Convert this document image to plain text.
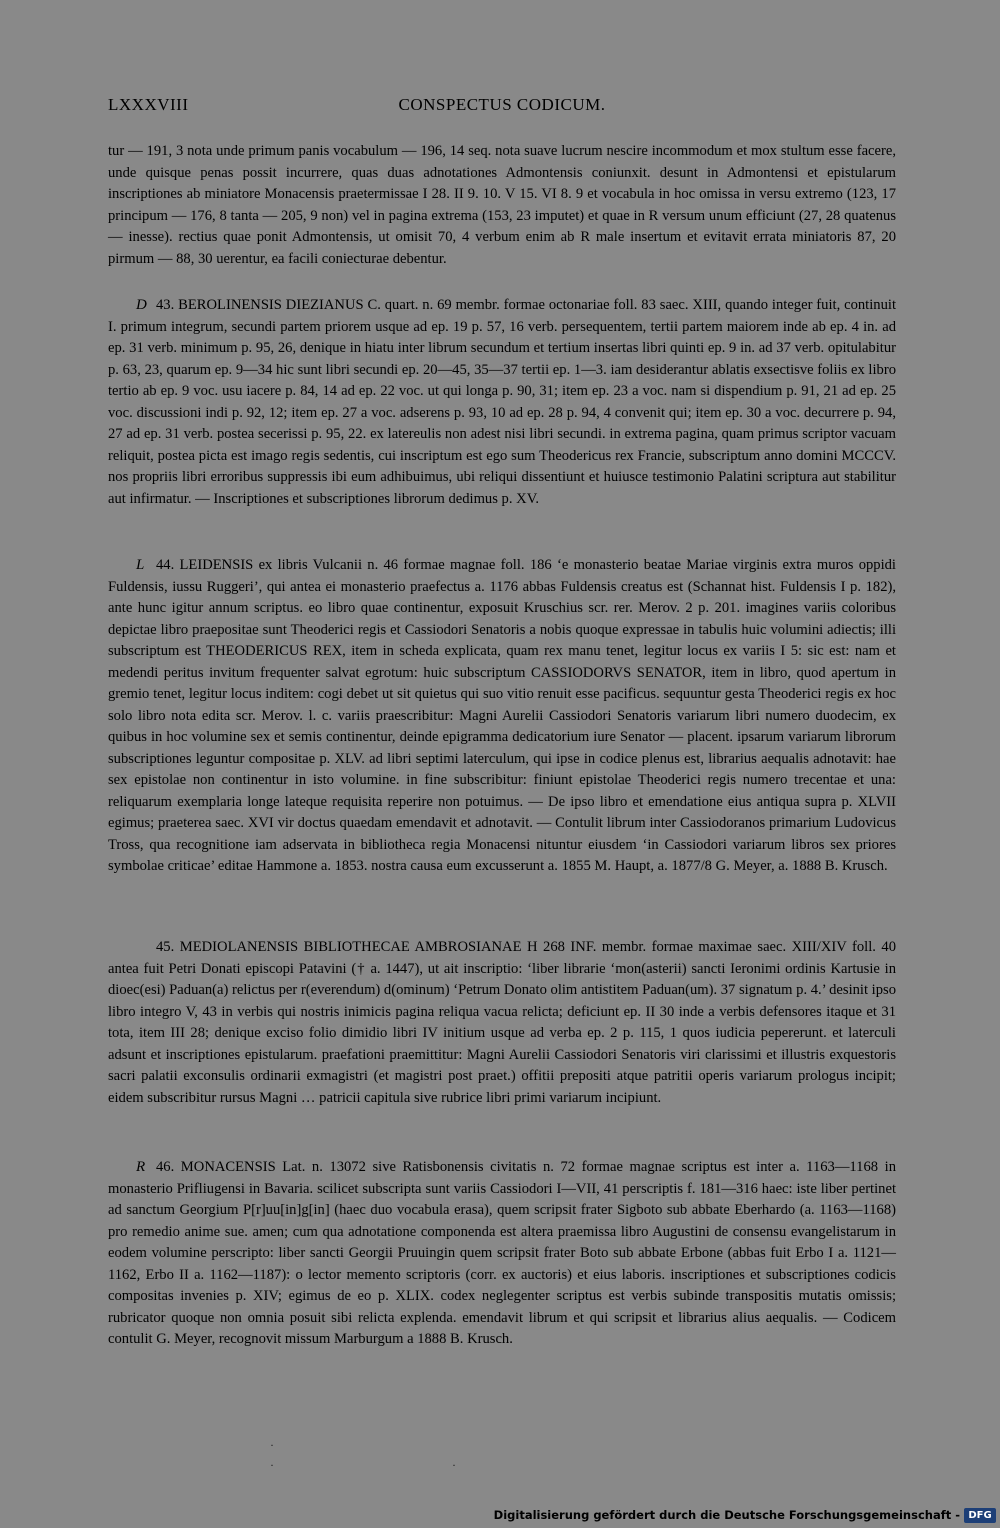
LXXXVIII	CONSPECTUS CODICUM.

tur — 191, 3 nota unde primum panis vocabulum — 196, 14 seq. nota suave lucrum nescire incommodum et mox stultum esse facere, unde quisque penas possit incurrere, quas duas adnotationes Admontensis coniunxit. desunt in Admontensi et epistularum inscriptiones ab miniatore Monacensis praetermissae I 28. II 9. 10. V 15. VI 8. 9 et vocabula in hoc omissa in versu extremo (123, 17 principum — 176, 8 tanta — 205, 9 non) vel in pagina extrema (153, 23 imputet) et quae in R versum unum efficiunt (27, 28 quatenus — inesse). rectius quae ponit Admontensis, ut omisit 70, 4 verbum enim ab R male insertum et evitavit errata miniatoris 87, 20 pirmum — 88, 30 uerentur, ea facili coniecturae debentur.

D 43. BEROLINENSIS DIEZIANUS C. quart. n. 69 membr. formae octonariae foll. 83 saec. XIII, quando integer fuit, continuit I. primum integrum, secundi partem priorem usque ad ep. 19 p. 57, 16 verb. persequentem, tertii partem maiorem inde ab ep. 4 in. ad ep. 31 verb. minimum p. 95, 26, denique in hiatu inter librum secundum et tertium insertas libri quinti ep. 9 in. ad 37 verb. opitulabitur p. 63, 23, quarum ep. 9—34 hic sunt libri secundi ep. 20—45, 35—37 tertii ep. 1—3. iam desiderantur ablatis exsectisve foliis ex libro tertio ab ep. 9 voc. usu iacere p. 84, 14 ad ep. 22 voc. ut qui longa p. 90, 31; item ep. 23 a voc. nam si dispendium p. 91, 21 ad ep. 25 voc. discussioni indi p. 92, 12; item ep. 27 a voc. adserens p. 93, 10 ad ep. 28 p. 94, 4 convenit qui; item ep. 30 a voc. decurrere p. 94, 27 ad ep. 31 verb. postea secerissi p. 95, 22. ex latereulis non adest nisi libri secundi. in extrema pagina, quam primus scriptor vacuam reliquit, postea picta est imago regis sedentis, cui inscriptum est ego sum Theodericus rex Francie, subscriptum anno domini MCCCV. nos propriis libri erroribus suppressis ibi eum adhibuimus, ubi reliqui dissentiunt et huiusce testimonio Palatini scriptura aut stabilitur aut infirmatur. — Inscriptiones et subscriptiones librorum dedimus p. XV.

L 44. LEIDENSIS ex libris Vulcanii n. 46 formae magnae foll. 186 ‘e monasterio beatae Mariae virginis extra muros oppidi Fuldensis, iussu Ruggeri’, qui antea ei monasterio praefectus a. 1176 abbas Fuldensis creatus est (Schannat hist. Fuldensis I p. 182), ante hunc igitur annum scriptus. eo libro quae continentur, exposuit Kruschius scr. rer. Merov. 2 p. 201. imagines variis coloribus depictae libro praepositae sunt Theoderici regis et Cassiodori Senatoris a nobis quoque expressae in tabulis huic volumini adiectis; illi subscriptum est THEODERICUS REX, item in scheda explicata, quam rex manu tenet, legitur locus ex variis I 5: sic est: nam et medendi peritus invitum frequenter salvat egrotum: huic subscriptum CASSIODORVS SENATOR, item in libro, quod apertum in gremio tenet, legitur locus inditem: cogi debet ut sit quietus qui suo vitio renuit esse pacificus. sequuntur gesta Theoderici regis ex hoc solo libro nota edita scr. Merov. l. c. variis praescribitur: Magni Aurelii Cassiodori Senatoris variarum libri numero duodecim, ex quibus in hoc volumine sex et semis continentur, deinde epigramma dedicatorium iure Senator — placent. ipsarum variarum librorum subscriptiones leguntur compositae p. XLV. ad libri septimi laterculum, qui ipse in codice plenus est, librarius aequalis adnotavit: hae sex epistolae non continentur in isto volumine. in fine subscribitur: finiunt epistolae Theoderici regis numero trecentae et una: reliquarum exemplaria longe lateque requisita reperire non potuimus. — De ipso libro et emendatione eius antiqua supra p. XLVII egimus; praeterea saec. XVI vir doctus quaedam emendavit et adnotavit. — Contulit librum inter Cassiodoranos primarium Ludovicus Tross, qua recognitione iam adservata in bibliotheca regia Monacensi nituntur eiusdem ‘in Cassiodori variarum libros sex priores symbolae criticae’ editae Hammone a. 1853. nostra causa eum excusserunt a. 1855 M. Haupt, a. 1877/8 G. Meyer, a. 1888 B. Krusch.

45. MEDIOLANENSIS BIBLIOTHECAE AMBROSIANAE H 268 INF. membr. formae maximae saec. XIII/XIV foll. 40 antea fuit Petri Donati episcopi Patavini († a. 1447), ut ait inscriptio: ‘liber librarie ‘mon(asterii) sancti Ieronimi ordinis Kartusie in dioec(esi) Paduan(a) relictus per r(everendum) d(ominum) ‘Petrum Donato olim antistitem Paduan(um). 37 signatum p. 4.’ desinit ipso libro integro V, 43 in verbis qui nostris inimicis pagina reliqua vacua relicta; deficiunt ep. II 30 inde a verbis defensores itaque et 31 tota, item III 28; denique exciso folio dimidio libri IV initium usque ad verba ep. 2 p. 115, 1 quos iudicia pepererunt. et laterculi adsunt et inscriptiones epistularum. praefationi praemittitur: Magni Aurelii Cassiodori Senatoris viri clarissimi et illustris exquestoris sacri palatii exconsulis ordinarii exmagistri (et magistri post praet.) offitii prepositi atque patritii operis variarum prologus incipit; eidem subscribitur rursus Magni … patricii capitula sive rubrice libri primi variarum incipiunt.

R 46. MONACENSIS Lat. n. 13072 sive Ratisbonensis civitatis n. 72 formae magnae scriptus est inter a. 1163—1168 in monasterio Prifliugensi in Bavaria. scilicet subscripta sunt variis Cassiodori I—VII, 41 perscriptis f. 181—316 haec: iste liber pertinet ad sanctum Georgium P[r]uu[in]g[in] (haec duo vocabula erasa), quem scripsit frater Sigboto sub abbate Eberhardo (a. 1163—1168) pro remedio anime sue. amen; cum qua adnotatione componenda est altera praemissa libro Augustini de consensu evangelistarum in eodem volumine perscripto: liber sancti Georgii Pruuingin quem scripsit frater Boto sub abbate Erbone (abbas fuit Erbo I a. 1121—1162, Erbo II a. 1162—1187): o lector memento scriptoris (corr. ex auctoris) et eius laboris. inscriptiones et subscriptiones codicis compositas invenies p. XIV; egimus de eo p. XLIX. codex neglegenter scriptus est verbis subinde transpositis mutatis omissis; rubricator quoque non omnia posuit sibi relicta explenda. emendavit librum et qui scripsit et librarius alius aequalis. — Codicem contulit G. Meyer, recognovit missum Marburgum a 1888 B. Krusch.

·
·	·
Digitalisierung gefördert durch die Deutsche Forschungsgemeinschaft - DFG
